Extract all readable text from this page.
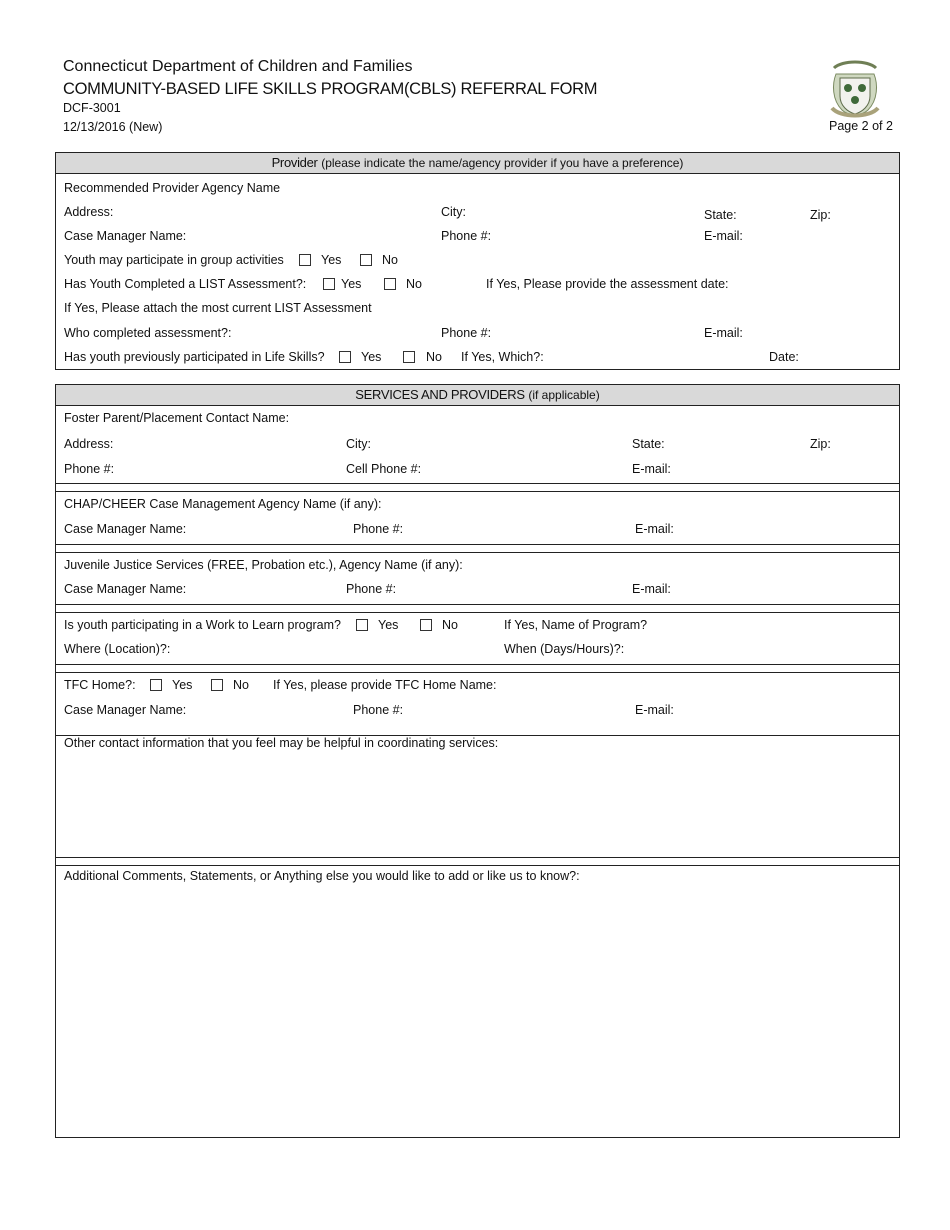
Connecticut Department of Children and Families
COMMUNITY-BASED LIFE SKILLS PROGRAM(CBLS) REFERRAL FORM
DCF-3001
12/13/2016 (New)	Page 2 of 2
Provider (please indicate the name/agency provider if you have a preference)
Recommended Provider Agency Name
Address:	City:	State:	Zip:
Case Manager Name:	Phone #:	E-mail:
Youth may participate in group activities	Yes	No
Has Youth Completed a LIST Assessment?:	Yes	No	If Yes, Please provide the assessment date:
If Yes, Please attach the most current LIST Assessment
Who completed assessment?:	Phone #:	E-mail:
Has youth previously participated in Life Skills?	Yes	No If Yes, Which?:	Date:
SERVICES AND PROVIDERS (if applicable)
Foster Parent/Placement Contact Name:
Address:	City:	State:	Zip:
Phone #:	Cell Phone #:	E-mail:
CHAP/CHEER Case Management Agency Name (if any):
Case Manager Name:	Phone #:	E-mail:
Juvenile Justice Services (FREE, Probation etc.), Agency Name (if any):
Case Manager Name:	Phone #:	E-mail:
Is youth participating in a Work to Learn program?	Yes	No	If Yes, Name of Program?
Where (Location)?:	When (Days/Hours)?:
TFC Home?:	Yes	No If Yes, please provide TFC Home Name:
Case Manager Name:	Phone #:	E-mail:
Other contact information that you feel may be helpful in coordinating services:
Additional Comments, Statements, or Anything else you would like to add or like us to know?:
